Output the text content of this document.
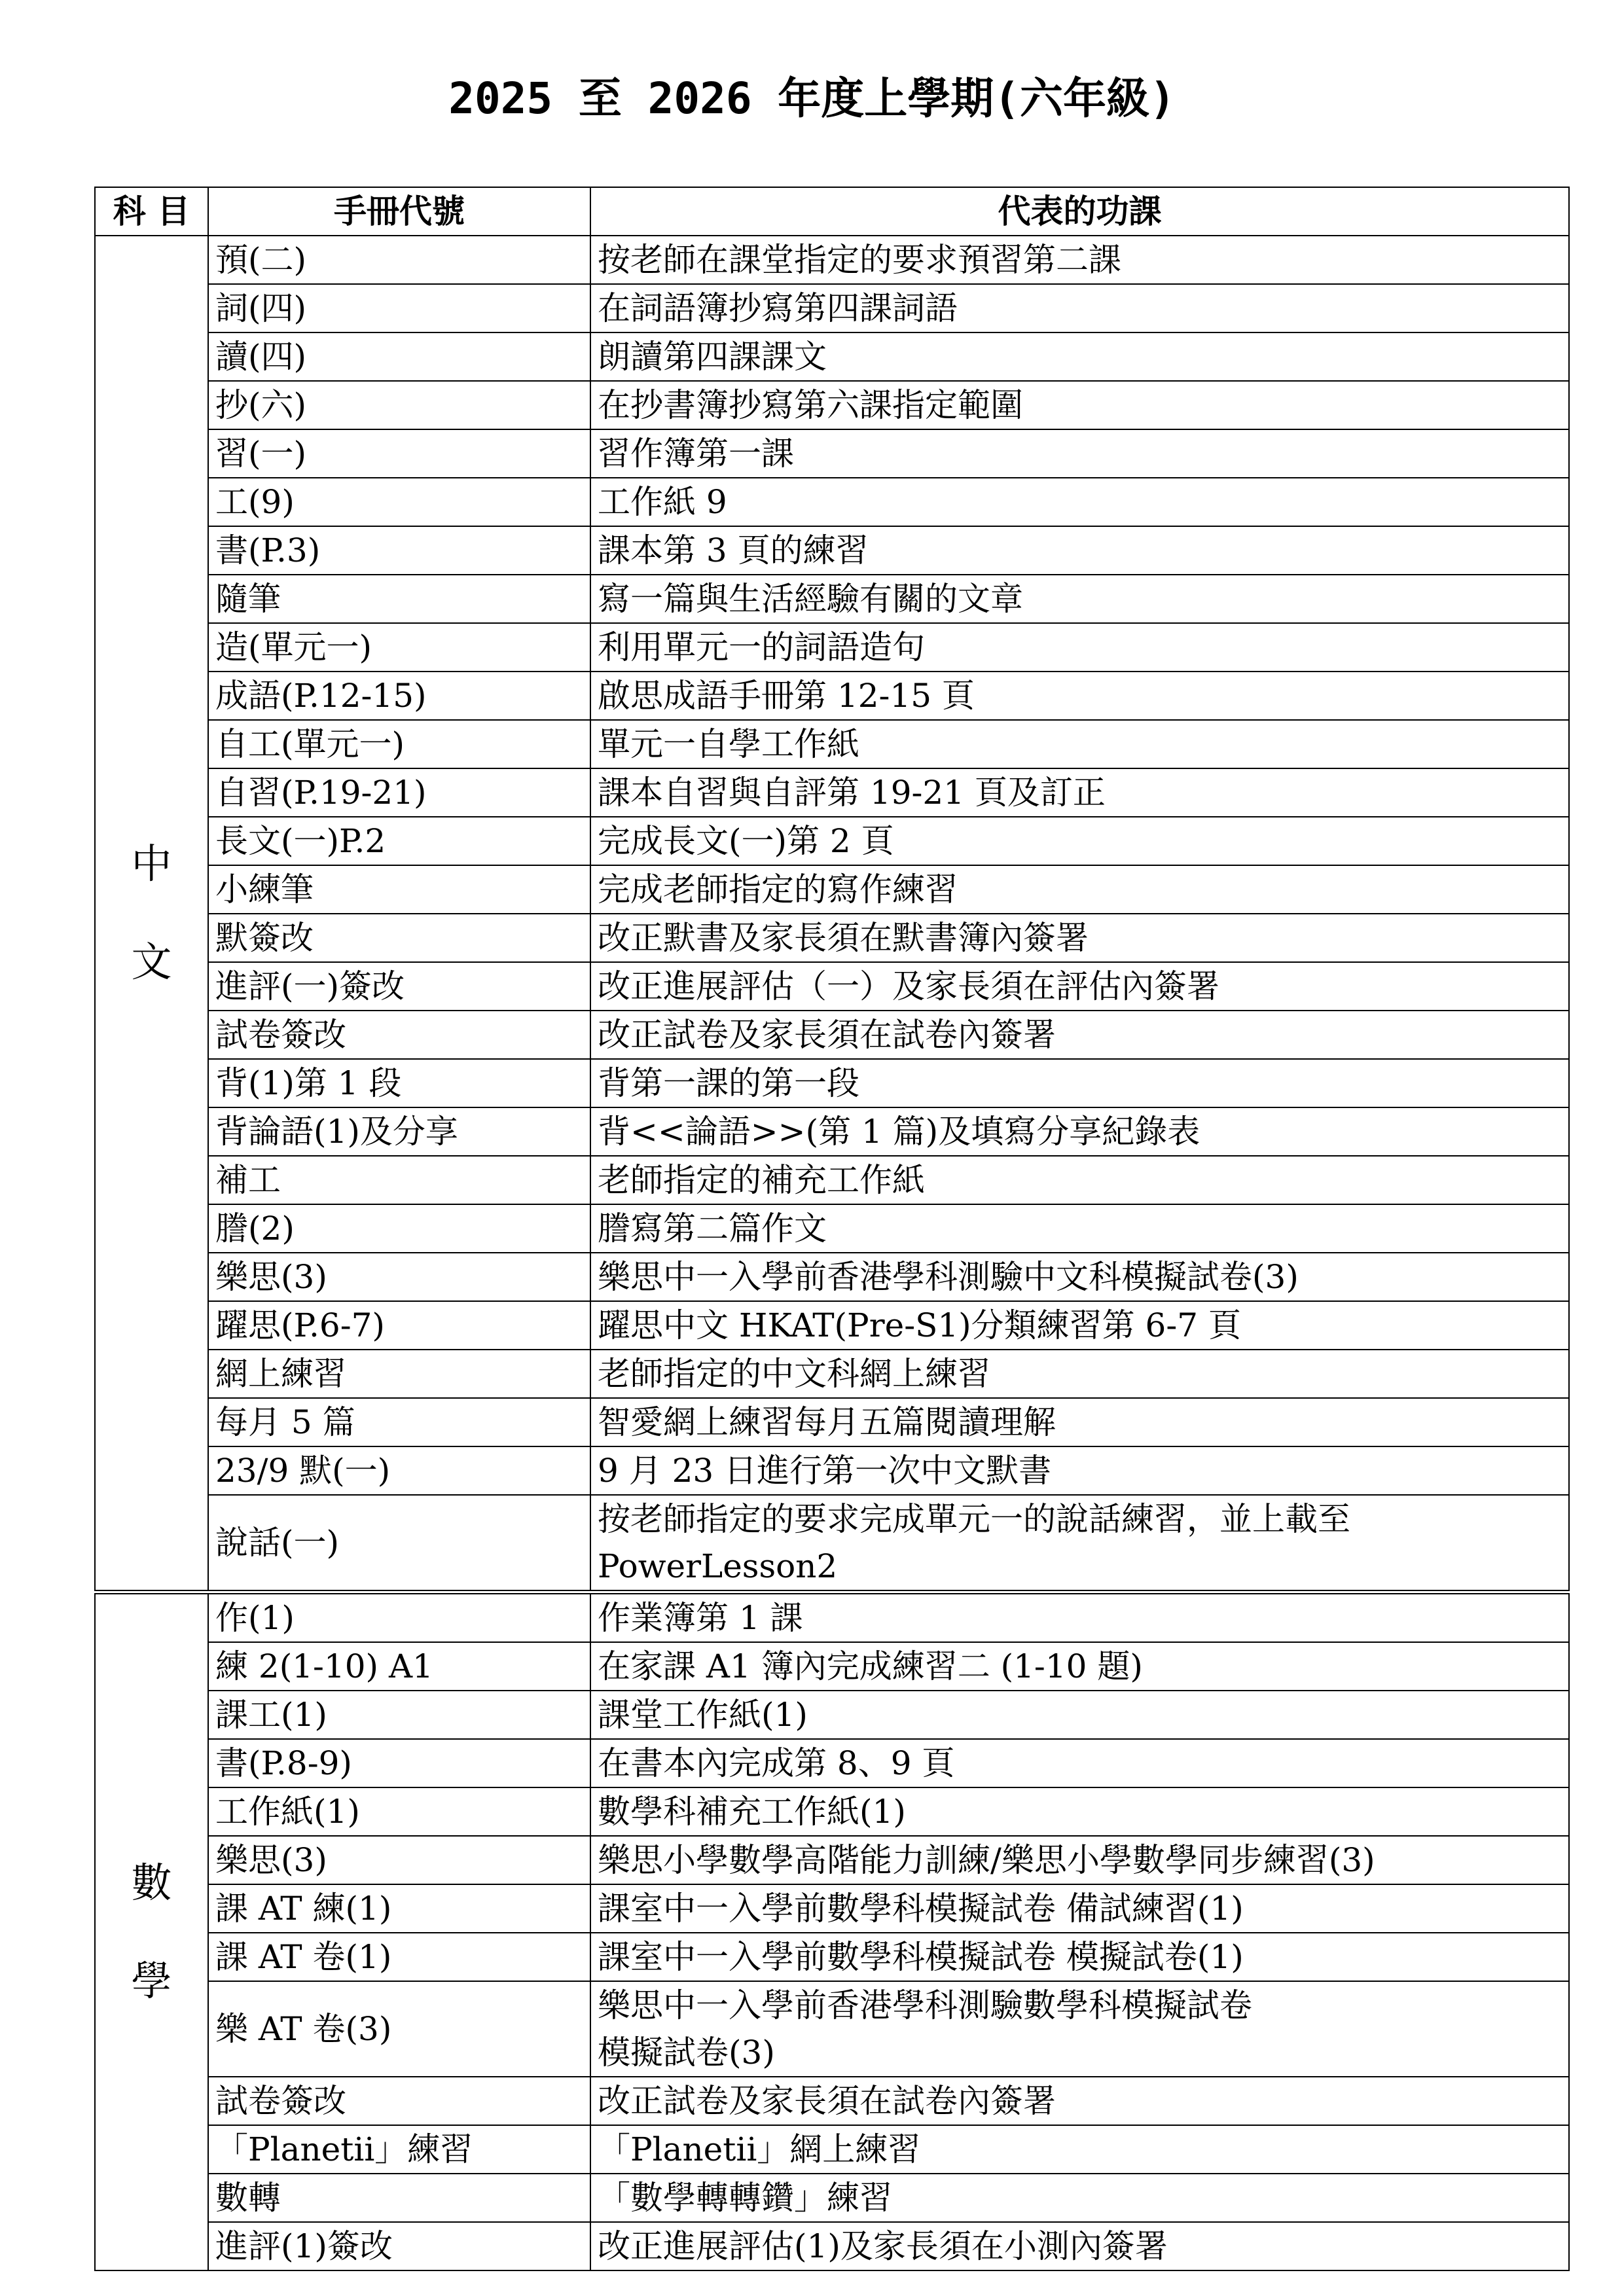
2025 至 2026 年度上學期(六年級)
科 目	手冊代號	代表的功課

中
文	預(二)	按老師在課堂指定的要求預習第二課
	詞(四)	在詞語簿抄寫第四課詞語
	讀(四)	朗讀第四課課文
	抄(六)	在抄書簿抄寫第六課指定範圍
	習(一)	習作簿第一課
	工(9)	工作紙 9
	書(P.3)	課本第 3 頁的練習
	隨筆	寫一篇與生活經驗有關的文章
	造(單元一)	利用單元一的詞語造句
	成語(P.12-15)	啟思成語手冊第 12-15 頁
	自工(單元一)	單元一自學工作紙
	自習(P.19-21)	課本自習與自評第 19-21 頁及訂正
	長文(一)P.2	完成長文(一)第 2 頁
	小練筆	完成老師指定的寫作練習
	默簽改	改正默書及家長須在默書簿內簽署
	進評(一)簽改	改正進展評估（一）及家長須在評估內簽署
	試卷簽改	改正試卷及家長須在試卷內簽署
	背(1)第 1 段	背第一課的第一段
	背論語(1)及分享	背<<論語>>(第 1 篇)及填寫分享紀錄表
	補工	老師指定的補充工作紙
	謄(2)	謄寫第二篇作文
	樂思(3)	樂思中一入學前香港學科測驗中文科模擬試卷(3)
	躍思(P.6-7)	躍思中文 HKAT(Pre-S1)分類練習第 6-7 頁
	網上練習	老師指定的中文科網上練習
	每月 5 篇	智愛網上練習每月五篇閱讀理解
	23/9 默(一)	9 月 23 日進行第一次中文默書
	說話(一)	按老師指定的要求完成單元一的說話練習，並上載至
PowerLesson2

數
學	作(1)	作業簿第 1 課
	練 2(1-10) A1	在家課 A1 簿內完成練習二 (1-10 題)
	課工(1)	課堂工作紙(1)
	書(P.8-9)	在書本內完成第 8、9 頁
	工作紙(1)	數學科補充工作紙(1)
	樂思(3)	樂思小學數學高階能力訓練/樂思小學數學同步練習(3)
	課 AT 練(1)	課室中一入學前數學科模擬試卷 備試練習(1)
	課 AT 卷(1)	課室中一入學前數學科模擬試卷 模擬試卷(1)
	樂 AT 卷(3)	樂思中一入學前香港學科測驗數學科模擬試卷
模擬試卷(3)

	試卷簽改	改正試卷及家長須在試卷內簽署
	「Planetii」練習	「Planetii」網上練習
	數轉	「數學轉轉鑽」練習
	進評(1)簽改	改正進展評估(1)及家長須在小測內簽署
